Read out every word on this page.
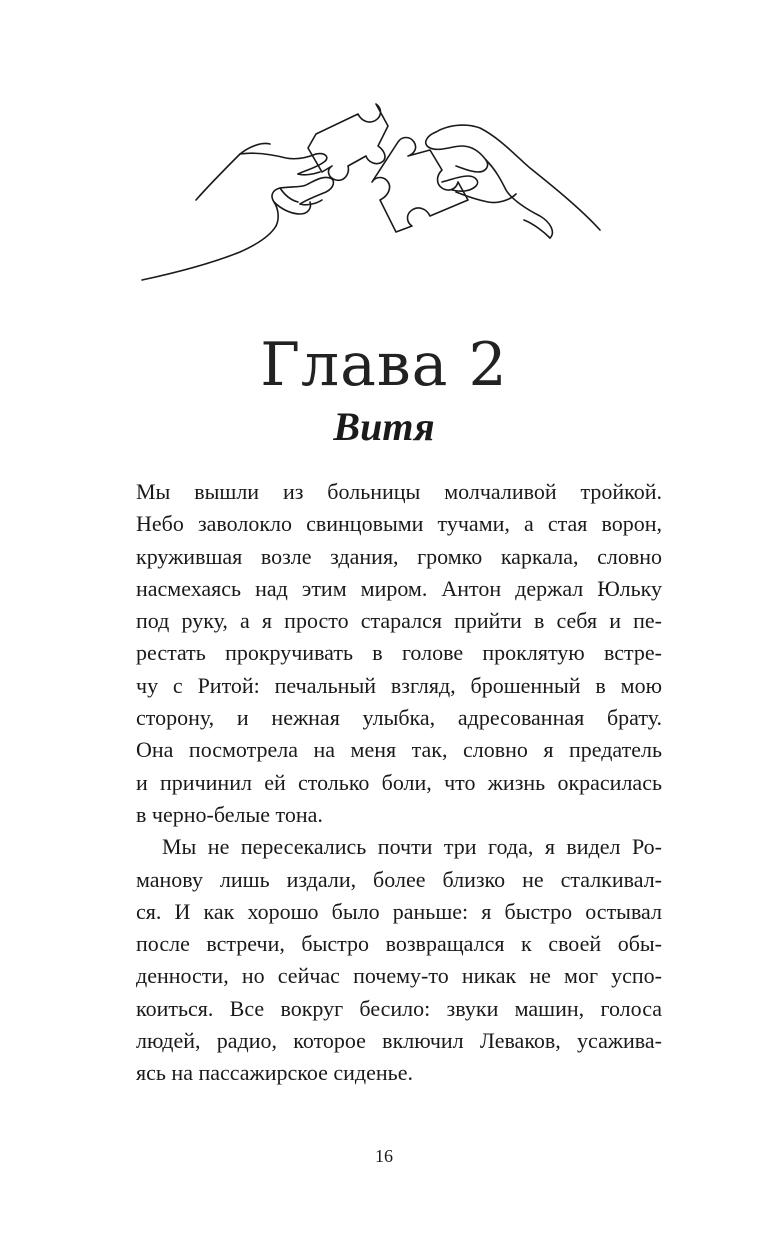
Глава 2
Витя

Мы вышли из больницы молчаливой тройкой.
Небо заволокло свинцовыми тучами, а стая ворон,
кружившая возле здания, громко каркала, словно
насмехаясь над этим миром. Антон держал Юльку
под руку, а я просто старался прийти в себя и пе-
рестать прокручивать в голове проклятую встре-
чу с Ритой: печальный взгляд, брошенный в мою
сторону, и нежная улыбка, адресованная брату.
Она посмотрела на меня так, словно я предатель
и причинил ей столько боли, что жизнь окрасилась
в черно-белые тона.

Мы не пересекались почти три года, я видел Ро-
манову лишь издали, более близко не сталкивал-
ся. И как хорошо было раньше: я быстро остывал
после встречи, быстро возвращался к своей обы-
денности, но сейчас почему-то никак не мог успо-
коиться. Все вокруг бесило: звуки машин, голоса
людей, радио, которое включил Леваков, усажива-
ясь на пассажирское сиденье.

16
